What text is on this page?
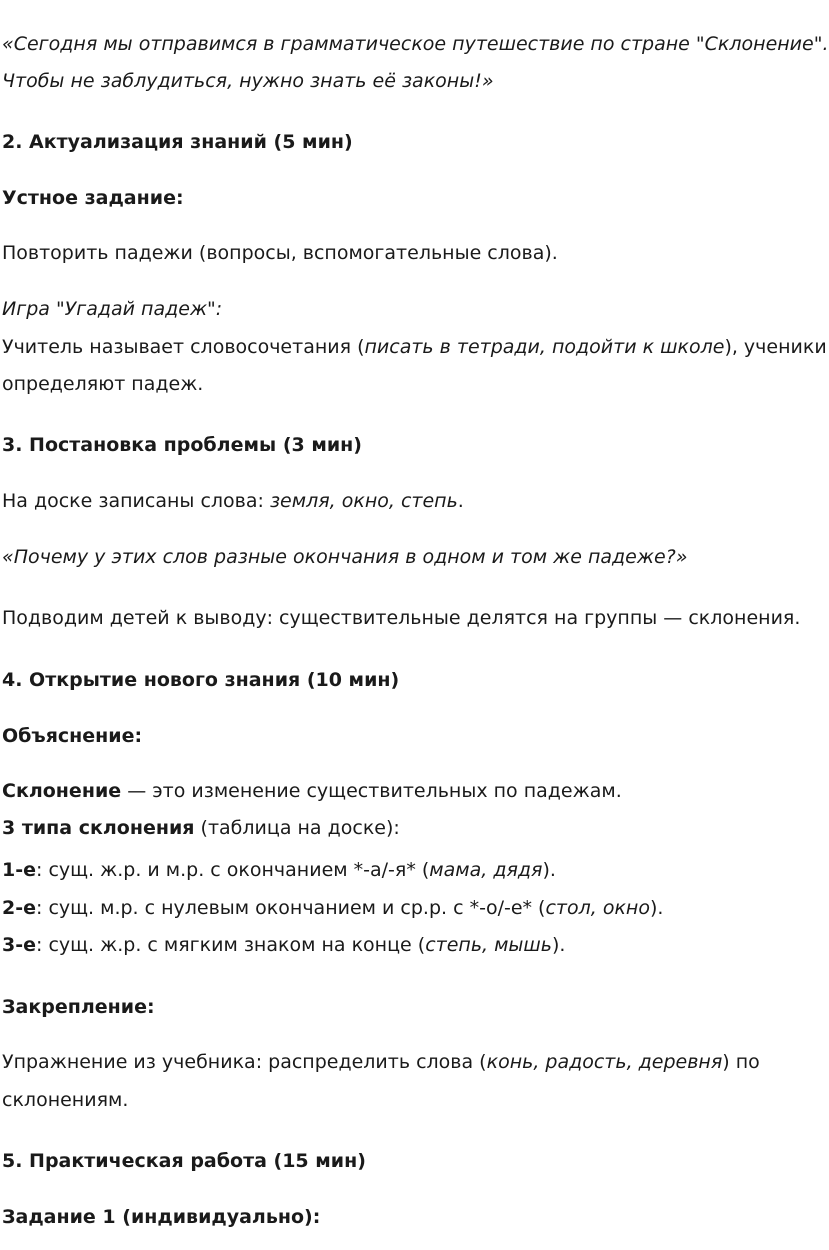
«Сегодня мы отправимся в грамматическое путешествие по стране "Склонение".
Чтобы не заблудиться, нужно знать её законы!»
2. Актуализация знаний (5 мин)
Устное задание:
Повторить падежи (вопросы, вспомогательные слова).
Игра "Угадай падеж":
Учитель называет словосочетания (писать в тетради, подойти к школе), ученики
определяют падеж.
3. Постановка проблемы (3 мин)
На доске записаны слова: земля, окно, степь.
«Почему у этих слов разные окончания в одном и том же падеже?»
Подводим детей к выводу: существительные делятся на группы — склонения.
4. Открытие нового знания (10 мин)
Объяснение:
Склонение — это изменение существительных по падежам.
3 типа склонения (таблица на доске):
1-е: сущ. ж.р. и м.р. с окончанием *-а/-я* (мама, дядя).
2-е: сущ. м.р. с нулевым окончанием и ср.р. с *-о/-е* (стол, окно).
3-е: сущ. ж.р. с мягким знаком на конце (степь, мышь).
Закрепление:
Упражнение из учебника: распределить слова (конь, радость, деревня) по
склонениям.
5. Практическая работа (15 мин)
Задание 1 (индивидуально):
